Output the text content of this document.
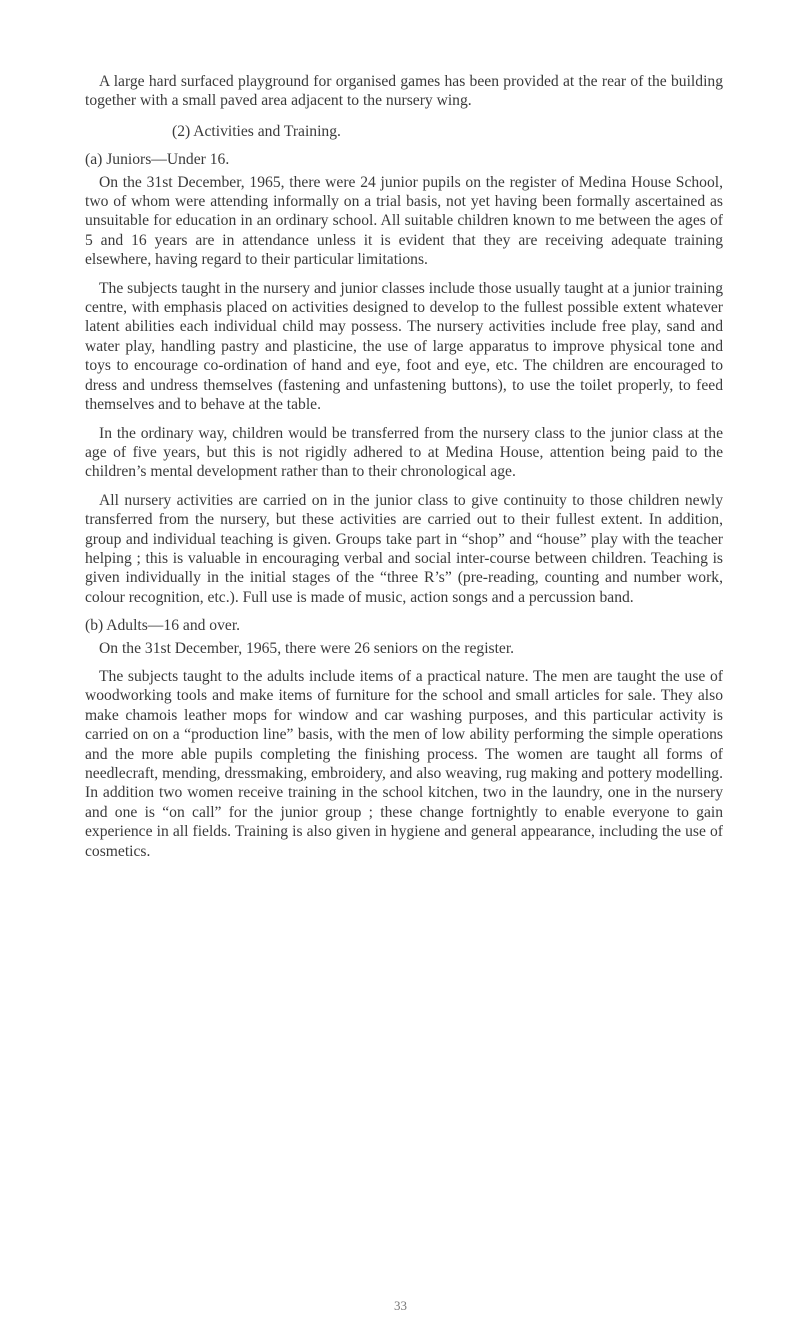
A large hard surfaced playground for organised games has been provided at the rear of the building together with a small paved area adjacent to the nursery wing.

(2) Activities and Training.

(a) Juniors—Under 16.

On the 31st December, 1965, there were 24 junior pupils on the register of Medina House School, two of whom were attending informally on a trial basis, not yet having been formally ascertained as unsuitable for education in an ordinary school. All suitable children known to me between the ages of 5 and 16 years are in attendance unless it is evident that they are receiving adequate training elsewhere, having regard to their particular limitations.

The subjects taught in the nursery and junior classes include those usually taught at a junior training centre, with emphasis placed on activities designed to develop to the fullest possible extent whatever latent abilities each individual child may possess. The nursery activities include free play, sand and water play, handling pastry and plasticine, the use of large apparatus to improve physical tone and toys to encourage co-ordination of hand and eye, foot and eye, etc. The children are encouraged to dress and undress themselves (fastening and unfastening buttons), to use the toilet properly, to feed themselves and to behave at the table.

In the ordinary way, children would be transferred from the nursery class to the junior class at the age of five years, but this is not rigidly adhered to at Medina House, attention being paid to the children’s mental development rather than to their chronological age.

All nursery activities are carried on in the junior class to give continuity to those children newly transferred from the nursery, but these activities are carried out to their fullest extent. In addition, group and individual teaching is given. Groups take part in “shop” and “house” play with the teacher helping ; this is valuable in encouraging verbal and social inter-course between children. Teaching is given individually in the initial stages of the “three R’s” (pre-reading, counting and number work, colour recognition, etc.). Full use is made of music, action songs and a percussion band.

(b) Adults—16 and over.

On the 31st December, 1965, there were 26 seniors on the register.

The subjects taught to the adults include items of a practical nature. The men are taught the use of woodworking tools and make items of furniture for the school and small articles for sale. They also make chamois leather mops for window and car washing purposes, and this particular activity is carried on on a “production line” basis, with the men of low ability performing the simple operations and the more able pupils completing the finishing process. The women are taught all forms of needlecraft, mending, dressmaking, embroidery, and also weaving, rug making and pottery modelling. In addition two women receive training in the school kitchen, two in the laundry, one in the nursery and one is “on call” for the junior group ; these change fortnightly to enable everyone to gain experience in all fields. Training is also given in hygiene and general appearance, including the use of cosmetics.

33
